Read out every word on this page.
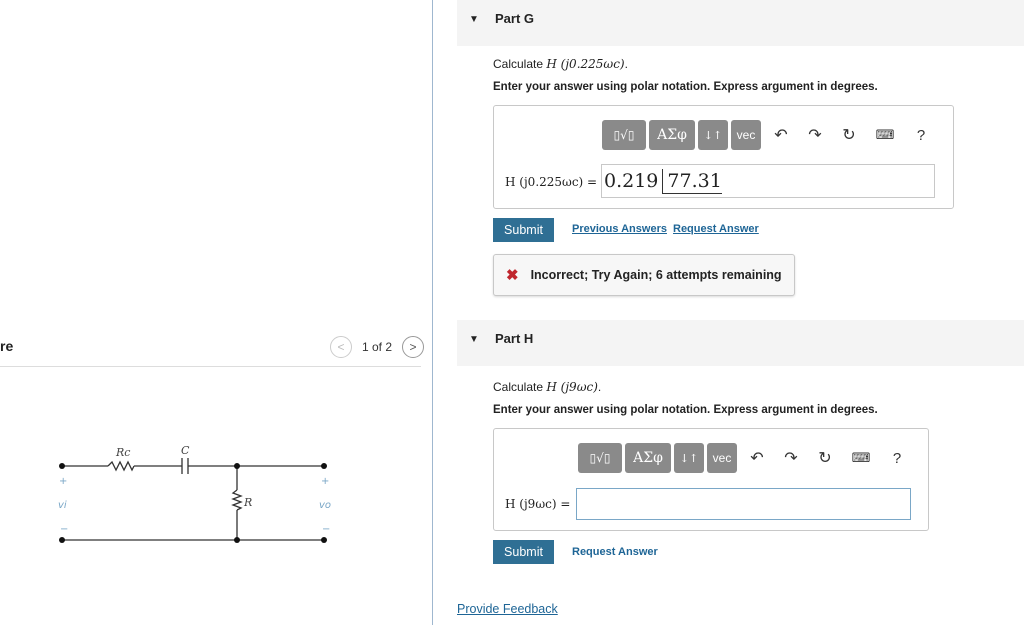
re	<	1 of 2	>
Rc	C
R
+
vi
−
+
vo
−
▼ Part G
Calculate H (j0.225ωc).
Enter your answer using polar notation. Express argument in degrees.
▯√▯	ΑΣφ	↓↑	vec	↶	↷	↻	⌨	?
H (j0.225ωc) = 0.219 77.31
Submit	Previous Answers Request Answer
✖ Incorrect; Try Again; 6 attempts remaining
▼ Part H
Calculate H (j9ωc).
Enter your answer using polar notation. Express argument in degrees.
▯√▯	ΑΣφ	↓↑	vec	↶	↷	↻	⌨	?
H (j9ωc) =
Submit	Request Answer
Provide Feedback
